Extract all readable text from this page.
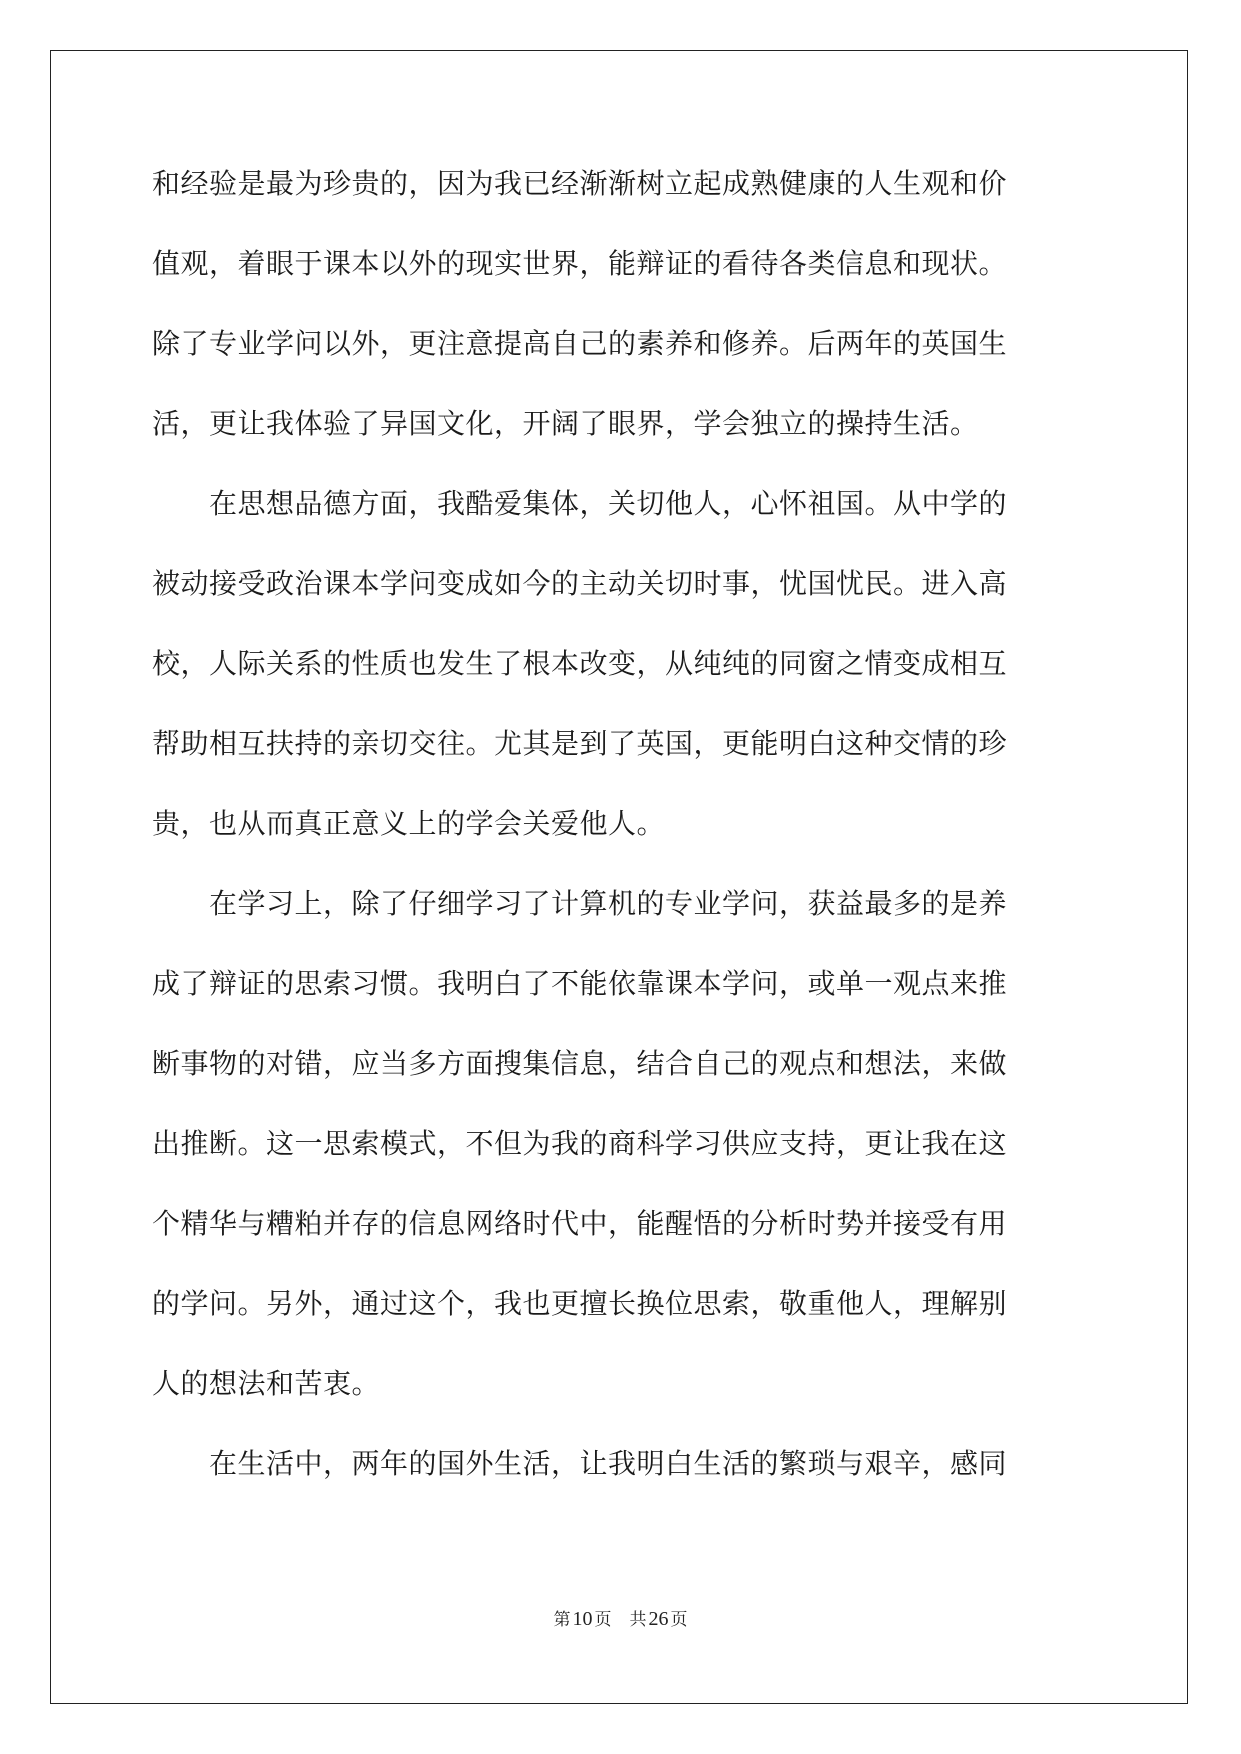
和经验是最为珍贵的，因为我已经渐渐树立起成熟健康的人生观和价
值观，着眼于课本以外的现实世界，能辩证的看待各类信息和现状。
除了专业学问以外，更注意提高自己的素养和修养。后两年的英国生
活，更让我体验了异国文化，开阔了眼界，学会独立的操持生活。
　　在思想品德方面，我酷爱集体，关切他人，心怀祖国。从中学的
被动接受政治课本学问变成如今的主动关切时事，忧国忧民。进入高
校，人际关系的性质也发生了根本改变，从纯纯的同窗之情变成相互
帮助相互扶持的亲切交往。尤其是到了英国，更能明白这种交情的珍
贵，也从而真正意义上的学会关爱他人。
　　在学习上，除了仔细学习了计算机的专业学问，获益最多的是养
成了辩证的思索习惯。我明白了不能依靠课本学问，或单一观点来推
断事物的对错，应当多方面搜集信息，结合自己的观点和想法，来做
出推断。这一思索模式，不但为我的商科学习供应支持，更让我在这
个精华与糟粕并存的信息网络时代中，能醒悟的分析时势并接受有用
的学问。另外，通过这个，我也更擅长换位思索，敬重他人，理解别
人的想法和苦衷。
　　在生活中，两年的国外生活，让我明白生活的繁琐与艰辛，感同
第 10 页 共 26 页
